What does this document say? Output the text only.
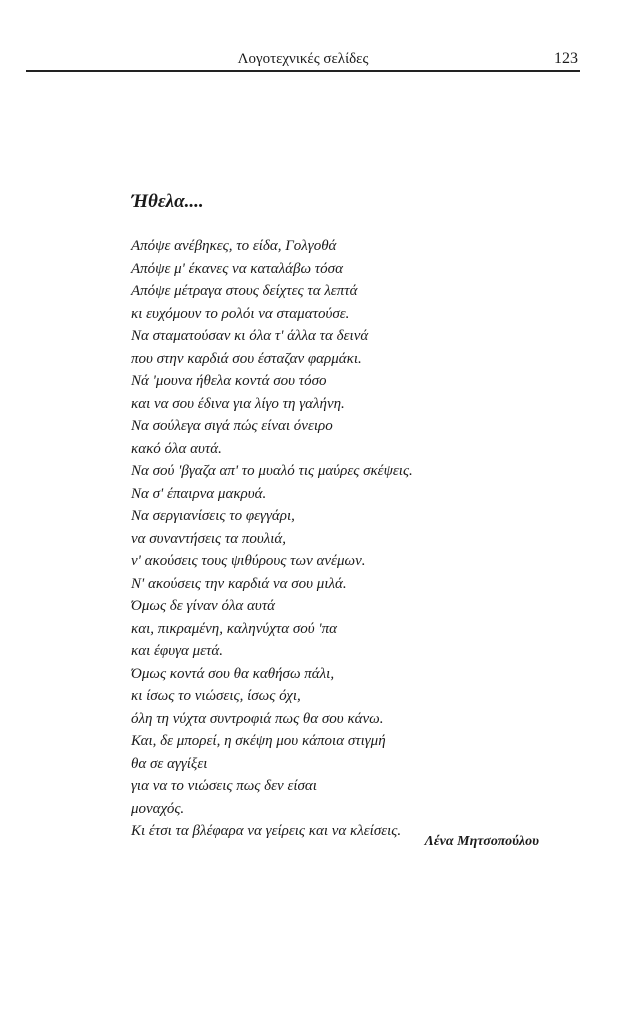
Λογοτεχνικές σελίδες	123
Ήθελα....
Απόψε ανέβηκες, το είδα, Γολγοθά
Απόψε μ' έκανες να καταλάβω τόσα
Απόψε μέτραγα στους δείχτες τα λεπτά
κι ευχόμουν το ρολόι να σταματούσε.
Να σταματούσαν κι όλα τ' άλλα τα δεινά
που στην καρδιά σου έσταζαν φαρμάκι.
Νά 'μουνα ήθελα κοντά σου τόσο
και να σου έδινα για λίγο τη γαλήνη.
Να σούλεγα σιγά πώς είναι όνειρο
κακό όλα αυτά.
Να σού 'βγαζα απ' το μυαλό τις μαύρες σκέψεις.
Να σ' έπαιρνα μακρυά.
Να σεργιανίσεις το φεγγάρι,
να συναντήσεις τα πουλιά,
ν' ακούσεις τους ψιθύρους των ανέμων.
Ν' ακούσεις την καρδιά να σου μιλά.
Όμως δε γίναν όλα αυτά
και, πικραμένη, καληνύχτα σού 'πα
και έφυγα μετά.
Όμως κοντά σου θα καθήσω πάλι,
κι ίσως το νιώσεις, ίσως όχι,
όλη τη νύχτα συντροφιά πως θα σου κάνω.
Και, δε μπορεί, η σκέψη μου κάποια στιγμή
θα σε αγγίξει
για να το νιώσεις πως δεν είσαι
μοναχός.
Κι έτσι τα βλέφαρα να γείρεις και να κλείσεις.
Λένα Μητσοπούλου
